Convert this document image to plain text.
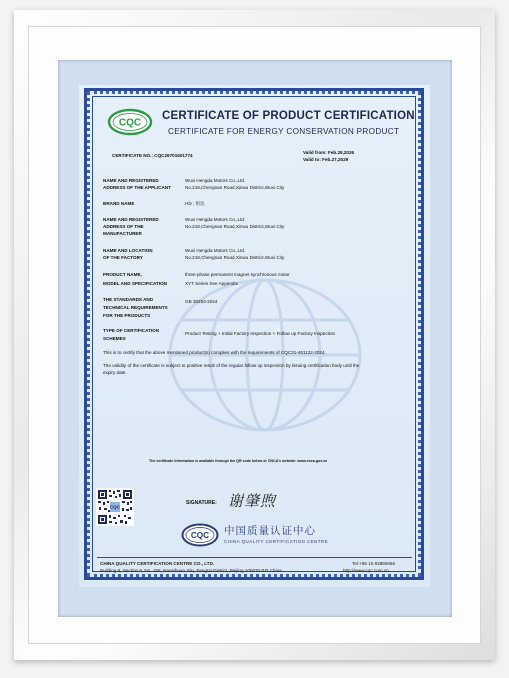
CQC
CERTIFICATE OF PRODUCT CERTIFICATION
CERTIFICATE FOR ENERGY CONSERVATION PRODUCT
CERTIFICATE NO.: CQC26701501774
Valid from: Feb.28,2026
Valid to: Feb.27,2029
NAME AND REGISTERED
ADDRESS OF THE APPLICANT
Wuxi Hengda Motors Co.,Ltd.
No.218,Chengnan Road,Xinwu District,Wuxi City
BRAND NAME	HD ; 恒达
NAME AND REGISTERED
ADDRESS OF THE
MANUFACTURER
Wuxi Hengda Motors Co.,Ltd.
No.218,Chengnan Road,Xinwu District,Wuxi City
NAME AND LOCATION
OF THE FACTORY
Wuxi Hengda Motors Co.,Ltd.
No.218,Chengnan Road,Xinwu District,Wuxi City
PRODUCT NAME,
MODEL AND SPECIFICATION
three-phase permanent magnet synchronous motor
XYT Series See Appendix
THE STANDARDS AND
TECHNICAL REQUIREMENTS
FOR THE PRODUCTS
GB 30253-2024
TYPE OF CERTIFICATION
SCHEMES
Product Testing + Initial Factory Inspection + Follow up Factory Inspection
This is to certify that the above mentioned product(s) complies with the requirements of CQC31-461122-2024.
The validity of the certificate is subject to positive result of the regular follow up inspection by issuing certification body until the
expiry date.
The certificate information is available through the QR code below or CNCA's website: www.cnca.gov.cn
CQC
SIGNATURE: 谢肇煦
CQC 中国质量认证中心
CHINA QUALITY CERTIFICATION CENTRE
CHINA QUALITY CERTIFICATION CENTRE CO., LTD.
Building 9, Section 9, No. 188, Nansihuan Xilu, Fengtai District, Beijing 100070 P.R.China
Tel:+86 10 83886666
http://www.cqc.com.cn
